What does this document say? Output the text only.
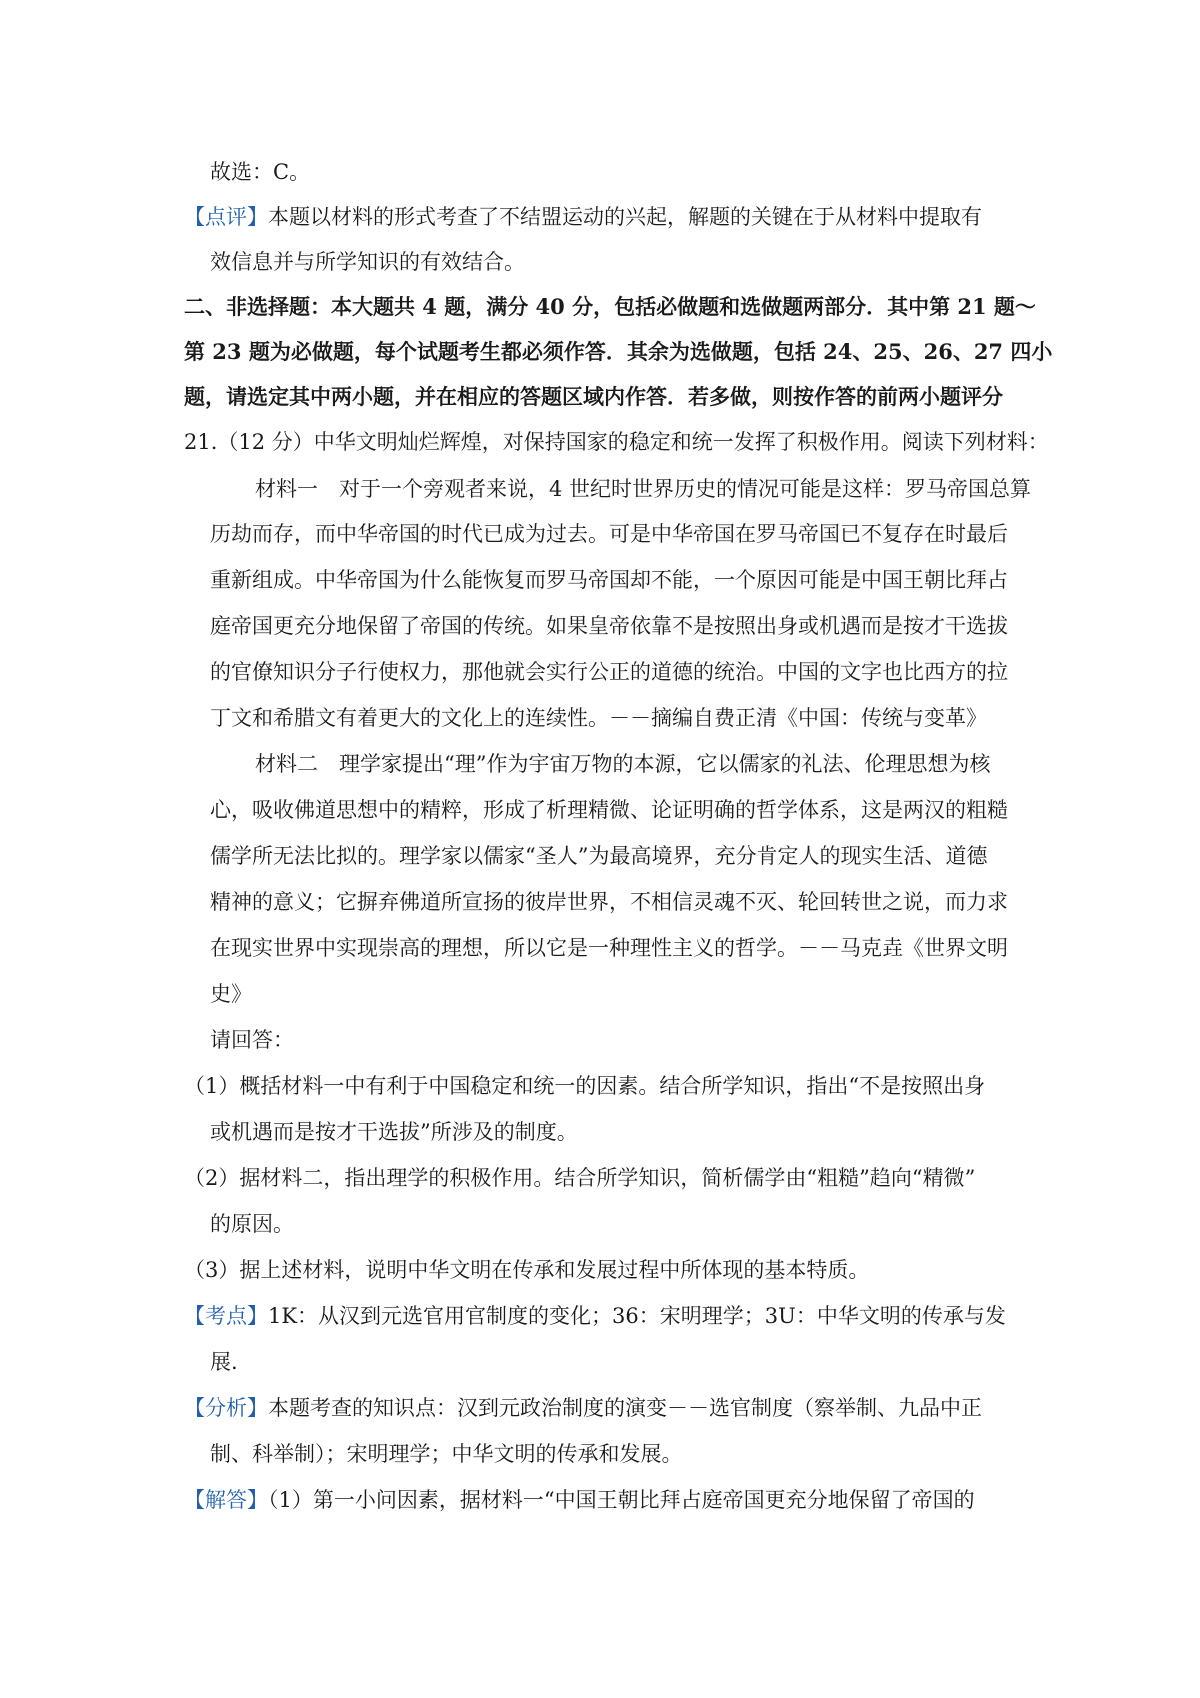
故选：C。
【点评】本题以材料的形式考查了不结盟运动的兴起，解题的关键在于从材料中提取有
效信息并与所学知识的有效结合。
二、非选择题：本大题共 4 题，满分 40 分，包括必做题和选做题两部分．其中第 21 题～
第 23 题为必做题，每个试题考生都必须作答．其余为选做题，包括 24、25、26、27 四小
题，请选定其中两小题，并在相应的答题区域内作答．若多做，则按作答的前两小题评分
21.（12 分）中华文明灿烂辉煌，对保持国家的稳定和统一发挥了积极作用。阅读下列材料：
材料一　对于一个旁观者来说，4 世纪时世界历史的情况可能是这样：罗马帝国总算
历劫而存，而中华帝国的时代已成为过去。可是中华帝国在罗马帝国已不复存在时最后
重新组成。中华帝国为什么能恢复而罗马帝国却不能，一个原因可能是中国王朝比拜占
庭帝国更充分地保留了帝国的传统。如果皇帝依靠不是按照出身或机遇而是按才干选拔
的官僚知识分子行使权力，那他就会实行公正的道德的统治。中国的文字也比西方的拉
丁文和希腊文有着更大的文化上的连续性。－－摘编自费正清《中国：传统与变革》
材料二　理学家提出“理”作为宇宙万物的本源，它以儒家的礼法、伦理思想为核
心，吸收佛道思想中的精粹，形成了析理精微、论证明确的哲学体系，这是两汉的粗糙
儒学所无法比拟的。理学家以儒家“圣人”为最高境界，充分肯定人的现实生活、道德
精神的意义；它摒弃佛道所宣扬的彼岸世界，不相信灵魂不灭、轮回转世之说，而力求
在现实世界中实现崇高的理想，所以它是一种理性主义的哲学。－－马克垚《世界文明
史》
请回答：
（1）概括材料一中有利于中国稳定和统一的因素。结合所学知识，指出“不是按照出身
或机遇而是按才干选拔”所涉及的制度。
（2）据材料二，指出理学的积极作用。结合所学知识，简析儒学由“粗糙”趋向“精微”
的原因。
（3）据上述材料，说明中华文明在传承和发展过程中所体现的基本特质。
【考点】1K：从汉到元选官用官制度的变化；36：宋明理学；3U：中华文明的传承与发
展.
【分析】本题考查的知识点：汉到元政治制度的演变－－选官制度（察举制、九品中正
制、科举制）；宋明理学；中华文明的传承和发展。
【解答】（1）第一小问因素，据材料一“中国王朝比拜占庭帝国更充分地保留了帝国的
